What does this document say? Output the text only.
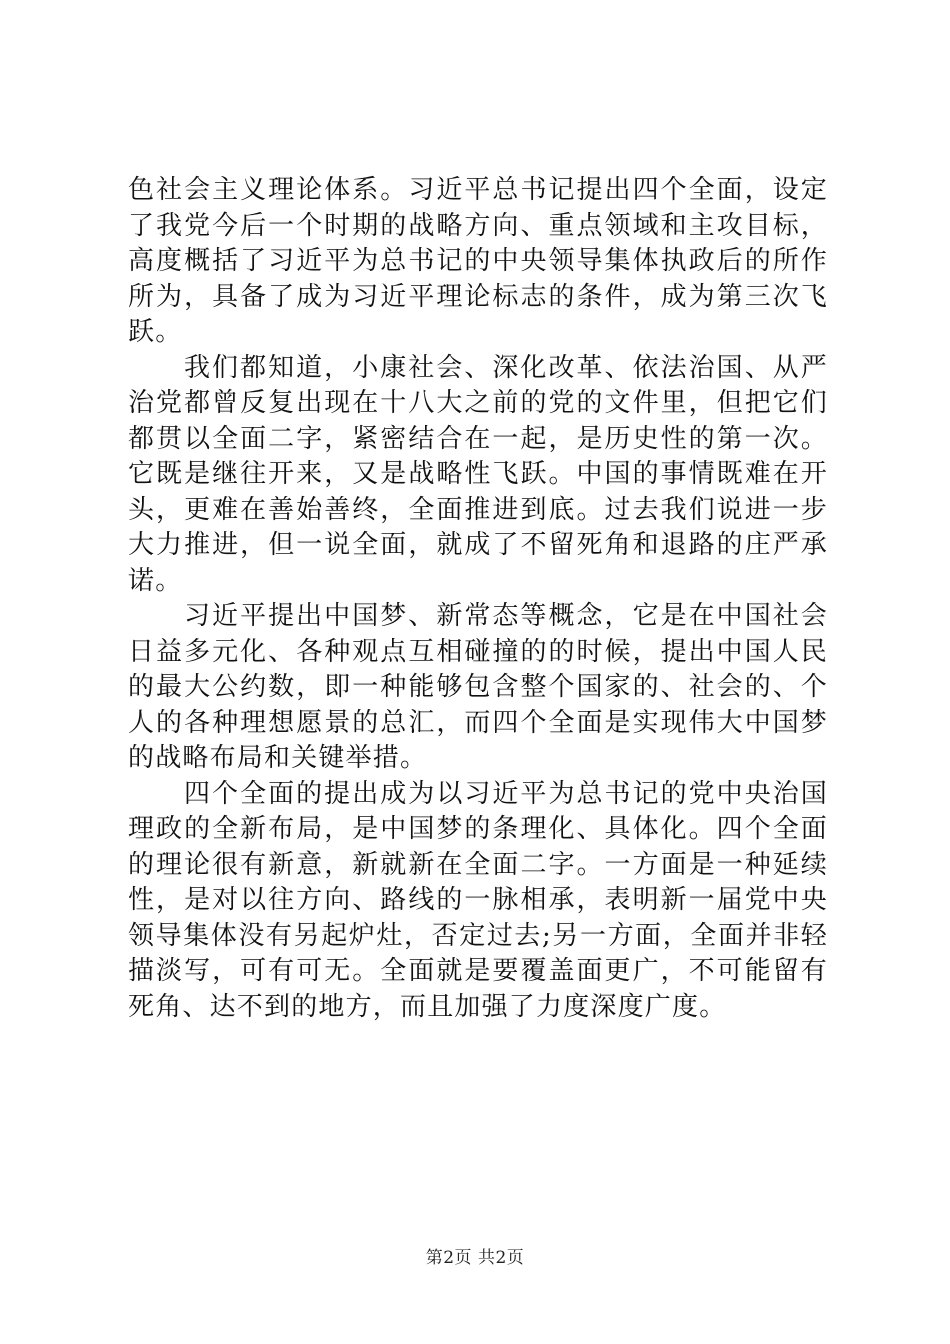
色社会主义理论体系。习近平总书记提出四个全面，设定了我党今后一个时期的战略方向、重点领域和主攻目标，高度概括了习近平为总书记的中央领导集体执政后的所作所为，具备了成为习近平理论标志的条件，成为第三次飞跃。

我们都知道，小康社会、深化改革、依法治国、从严治党都曾反复出现在十八大之前的党的文件里，但把它们都贯以全面二字，紧密结合在一起，是历史性的第一次。它既是继往开来，又是战略性飞跃。中国的事情既难在开头，更难在善始善终，全面推进到底。过去我们说进一步大力推进，但一说全面，就成了不留死角和退路的庄严承诺。

习近平提出中国梦、新常态等概念，它是在中国社会日益多元化、各种观点互相碰撞的的时候，提出中国人民的最大公约数，即一种能够包含整个国家的、社会的、个人的各种理想愿景的总汇，而四个全面是实现伟大中国梦的战略布局和关键举措。

四个全面的提出成为以习近平为总书记的党中央治国理政的全新布局，是中国梦的条理化、具体化。四个全面的理论很有新意，新就新在全面二字。一方面是一种延续性，是对以往方向、路线的一脉相承，表明新一届党中央领导集体没有另起炉灶，否定过去;另一方面，全面并非轻描淡写，可有可无。全面就是要覆盖面更广，不可能留有死角、达不到的地方，而且加强了力度深度广度。

第2页 共2页
